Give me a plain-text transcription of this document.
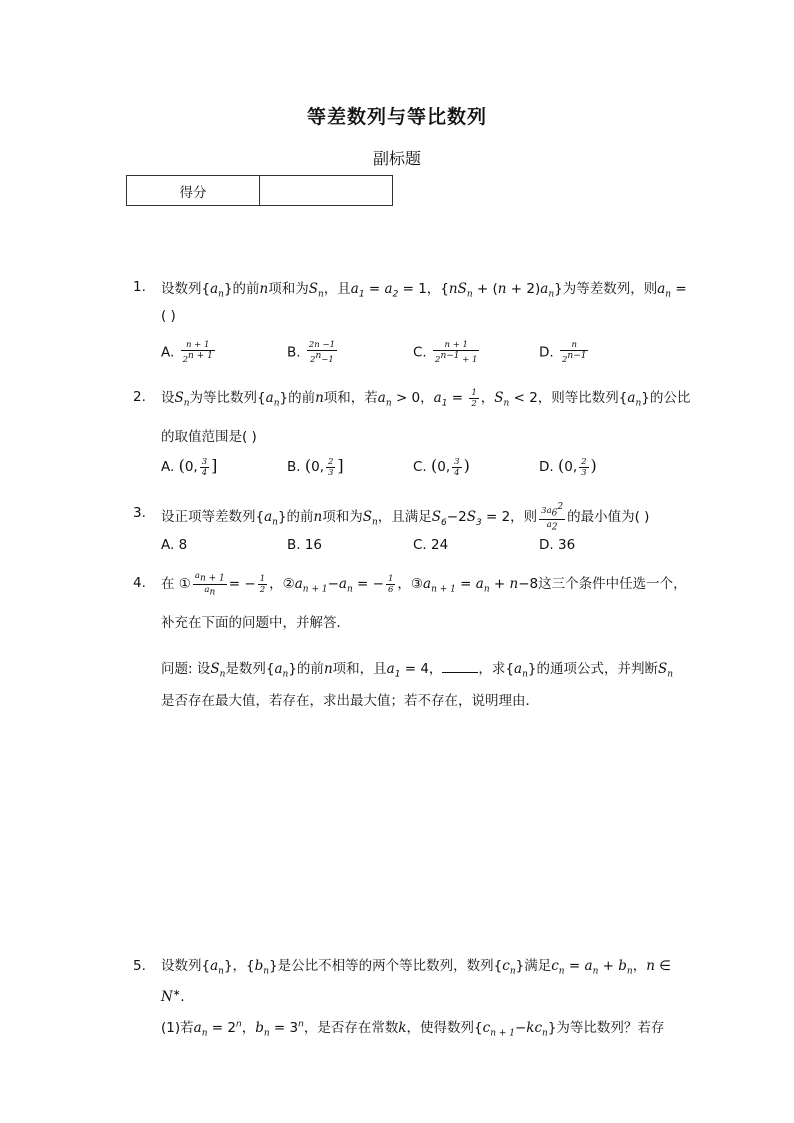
等差数列与等比数列
副标题
得分	
1. 设数列$\{a_n\}$的前n项和为$S_n$，且$a_1 = a_2 = 1$，$\{nS_n + (n + 2)a_n\}$为等差数列，则$a_n$ =
( )
A. $\frac{n + 1}{2^{n + 1}}$	B. $\frac{2n -1}{2^n-1}$	C. $\frac{n + 1}{2^{n-1} + 1}$	D. $\frac{n}{2^{n-1}}$
2. 设$S_n$为等比数列$\{a_n\}$的前n项和，若$a_n > 0$，$a_1 = \frac{1}{2}$ ，$S_n < 2$，则等比数列$\{a_n\}$的公比
的取值范围是( )
A. (0, $\frac{3}{4}$ ]	B. (0, $\frac{2}{3}$ ]	C. (0, $\frac{3}{4}$ )	D. (0, $\frac{2}{3}$ )
3. 设正项等差数列$\{a_n\}$的前n项和为$S_n$，且满足$S_6-2S_3 = 2$，则 $\frac{3a_6^2}{a_2}$ 的最小值为( )
A. 8	B. 16	C. 24	D. 36
4. 在 ① $\frac{a_{n + 1}}{a_n}$ = − $\frac{1}{2}$ ，$②a_{n + 1}-a_n$ = − $\frac{1}{6}$ ，$③a_{n + 1} = a_n + n-8$这三个条件中任选一个，
补充在下面的问题中，并解答．
问题: 设$S_n$是数列$\{a_n\}$的前n项和，且$a_1 = 4$，	，求$\{a_n\}$的通项公式，并判断$S_n$
是否存在最大值，若存在，求出最大值；若不存在，说明理由．
5. 设数列$\{a_n\}$，$\{b_n\}$是公比不相等的两个等比数列，数列$\{c_n\}$满足$c_n = a_n + b_n$，n ∈
N∗．
(1)若$a_n = 2^n$，$b_n = 3^n$，是否存在常数k，使得数列$\{c_{n + 1}-kc_n\}$为等比数列？若存
